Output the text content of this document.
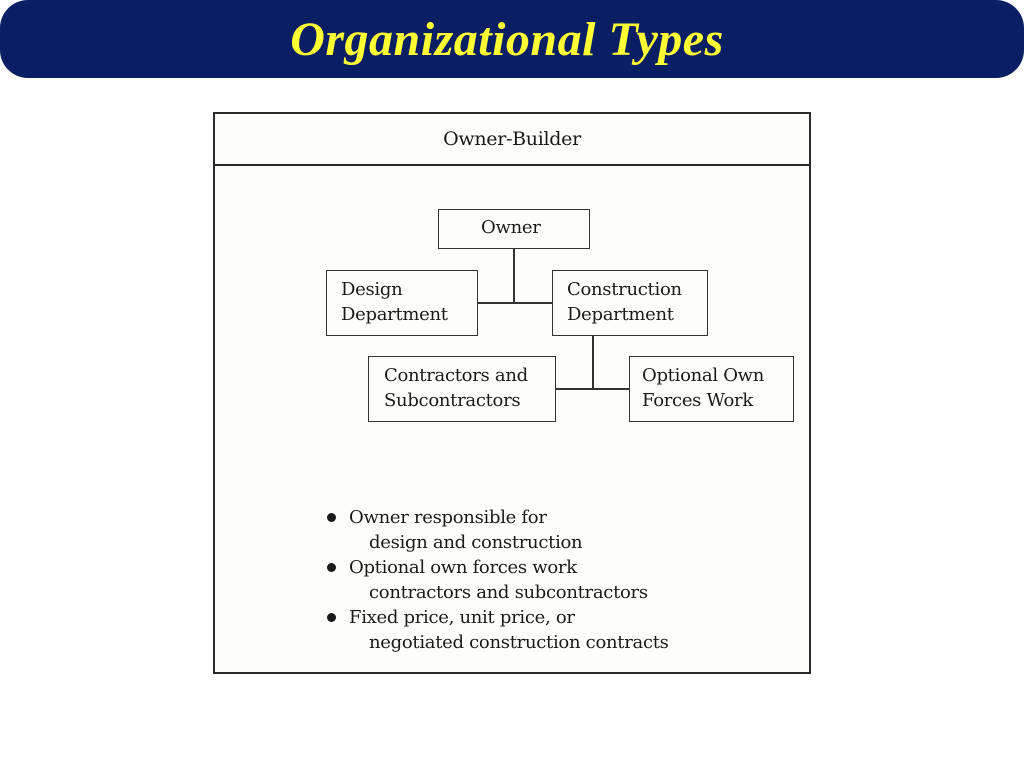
Organizational Types
Owner-Builder
Owner
Design
Department
Construction
Department
Contractors and
Subcontractors
Optional Own
Forces Work
Owner responsible for
design and construction
Optional own forces work
contractors and subcontractors
Fixed price, unit price, or
negotiated construction contracts
